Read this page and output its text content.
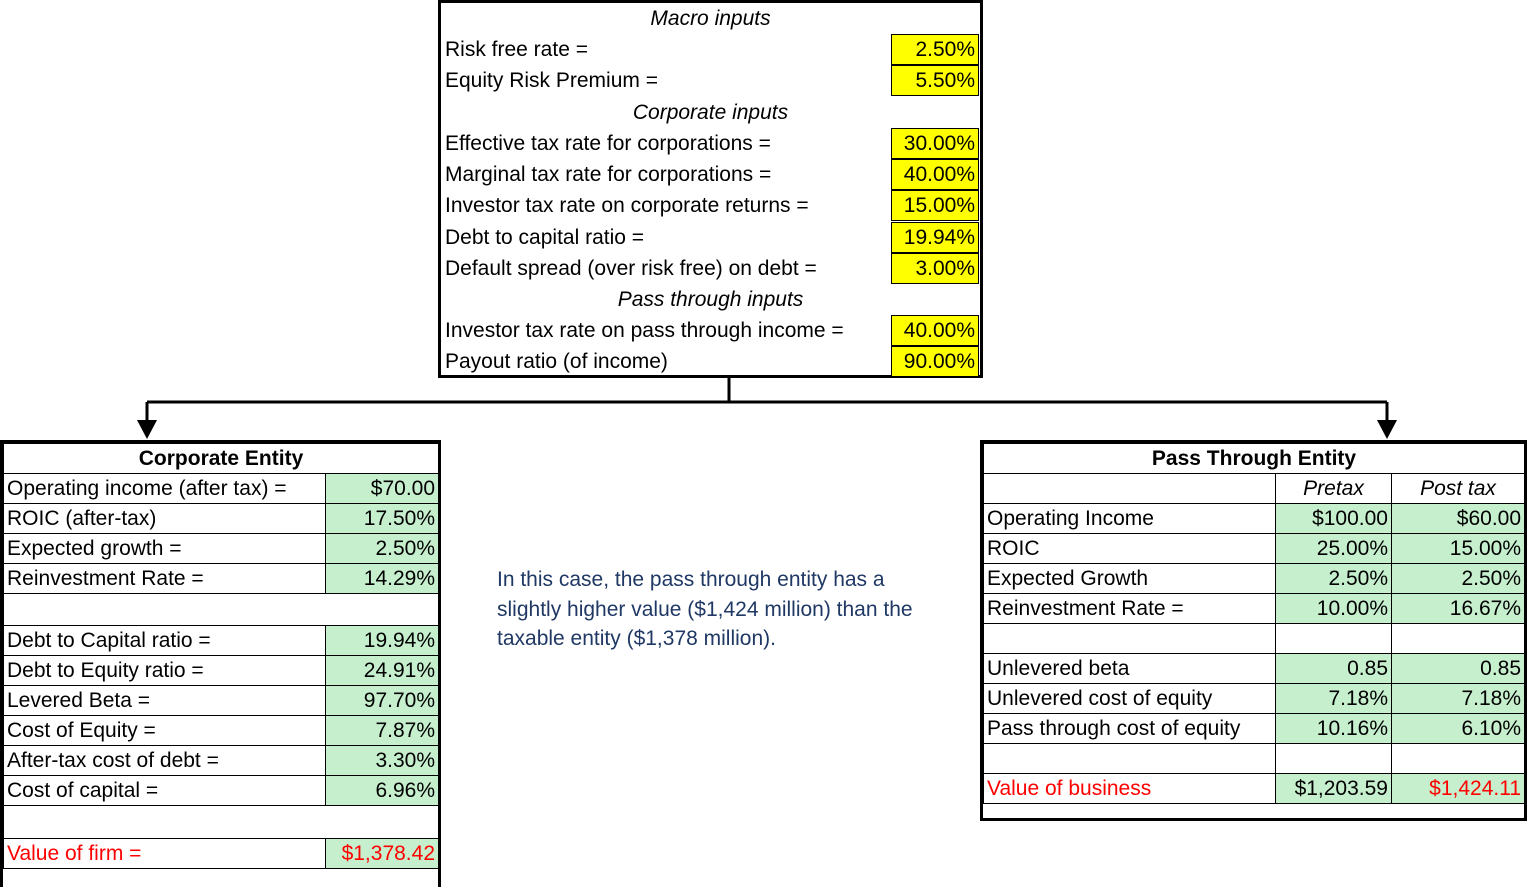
Macro inputs
Risk free rate =	2.50%
Equity Risk Premium =	5.50%
Corporate inputs
Effective tax rate for corporations =	30.00%
Marginal tax rate for corporations =	40.00%
Investor tax rate on corporate returns =	15.00%
Debt to capital ratio =	19.94%
Default spread (over risk free) on debt =	3.00%
Pass through inputs
Investor tax rate on pass through income =	40.00%
Payout ratio (of income)	90.00%
Corporate Entity	
Operating income (after tax) =	$70.00
ROIC (after-tax)	17.50%
Expected growth =	2.50%
Reinvestment Rate =	14.29%

Debt to Capital ratio =	19.94%
Debt to Equity ratio =	24.91%
Levered Beta =	97.70%
Cost of Equity =	7.87%
After-tax cost of debt =	3.30%
Cost of capital =	6.96%

Value of firm =	$1,378.42
In this case, the pass through entity has a slightly higher value ($1,424 million) than the taxable entity ($1,378 million).
Pass Through Entity		
	Pretax	Post tax
Operating Income	$100.00	$60.00
ROIC	25.00%	15.00%
Expected Growth	2.50%	2.50%
Reinvestment Rate =	10.00%	16.67%

Unlevered beta	0.85	0.85
Unlevered cost of equity	7.18%	7.18%
Pass through cost of equity	10.16%	6.10%

Value of business	$1,203.59	$1,424.11
